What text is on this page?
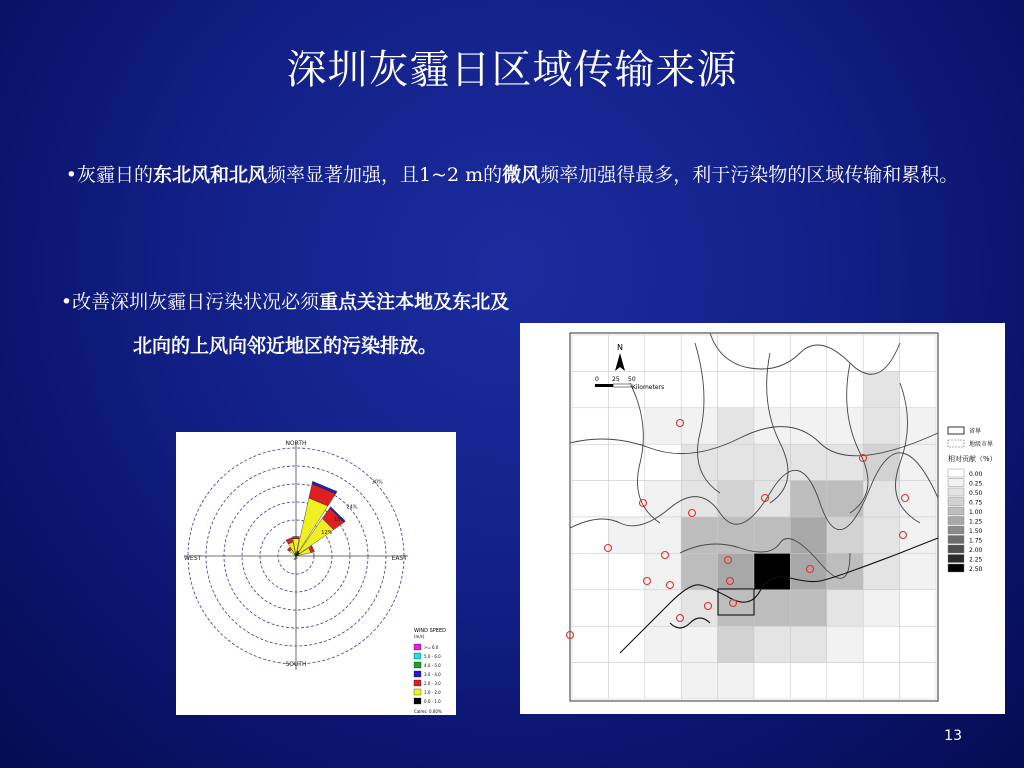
深圳灰霾日区域传输来源
•灰霾日的东北风和北风频率显著加强，且1~2 m的微风频率加强得最多，利于污染物的区域传输和累积。
•改善深圳灰霾日污染状况必须重点关注本地及东北及北向的上风向邻近地区的污染排放。
NORTH
SOUTH
WEST	EAST
12%
18%
24%
30%
WIND SPEED
(m/s)
>= 6.0
5.0 - 6.0
4.0 - 5.0
3.0 - 4.0
2.0 - 3.0
1.0 - 2.0
0.0 - 1.0
Calms: 0.00%
N
0 25 50
Kilometers
省界
地级市界
相对贡献（%）
0.00
0.25
0.50
0.75
1.00
1.25
1.50
1.75
2.00
2.25
2.50
13
